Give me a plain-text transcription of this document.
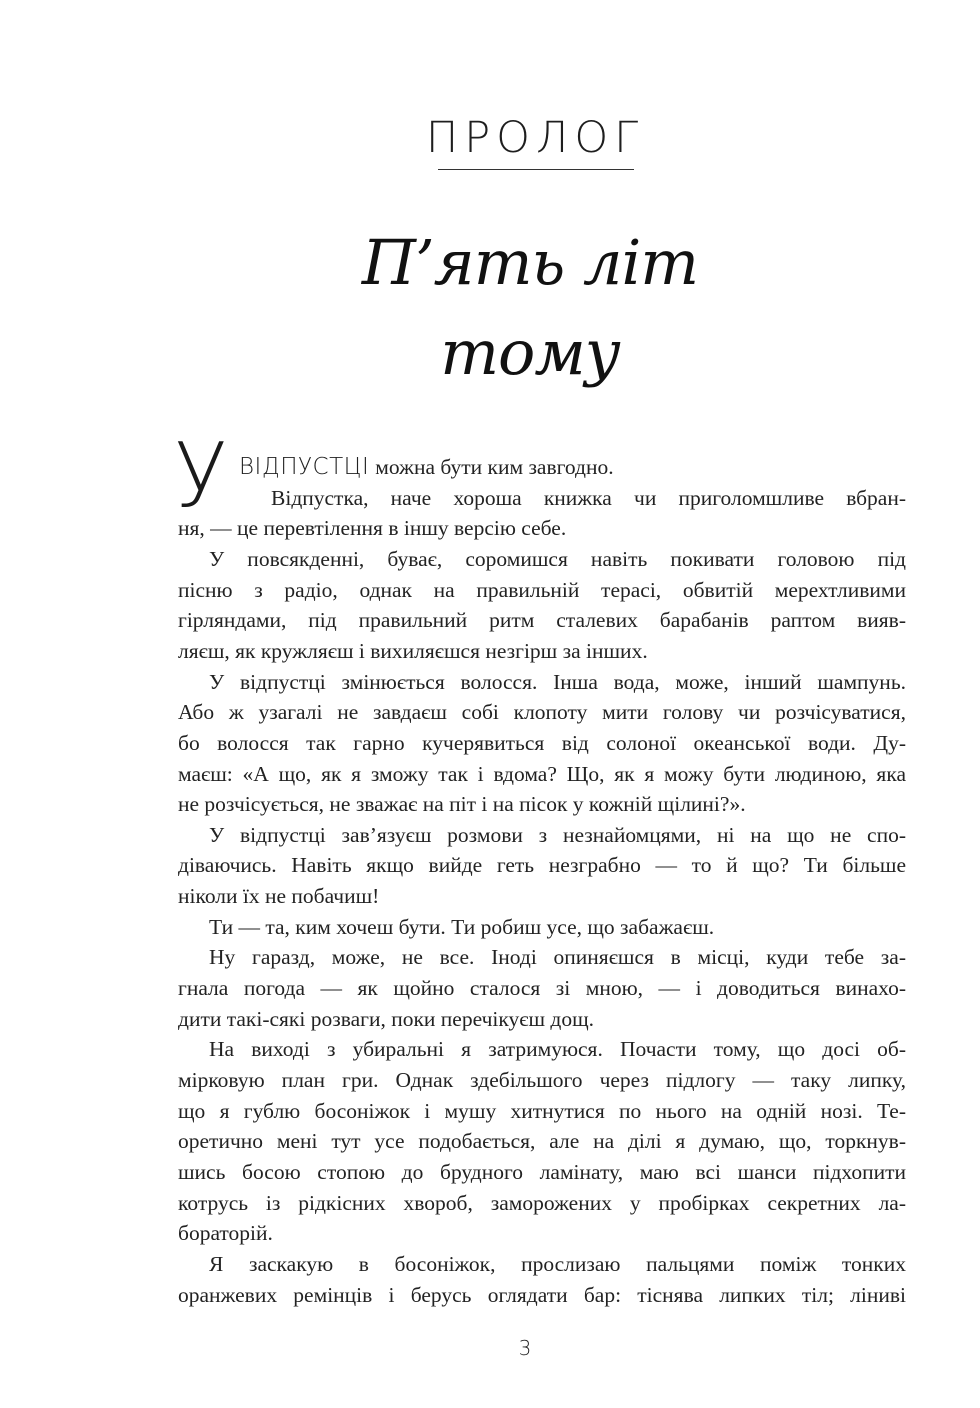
ПРОЛОГ
П’ять літ тому
У ВІДПУСТЦІ можна бути ким завгодно.
Відпустка, наче хороша книжка чи приголомшливе вбран-
ня, — це перевтілення в іншу версію себе.
У повсякденні, буває, соромишся навіть покивати головою під
пісню з радіо, однак на правильній терасі, обвитій мерехтливими
гірляндами, під правильний ритм сталевих барабанів раптом вияв-
ляєш, як кружляєш і вихиляєшся незгірш за інших.
У відпустці змінюється волосся. Інша вода, може, інший шампунь.
Або ж узагалі не завдаєш собі клопоту мити голову чи розчісуватися,
бо волосся так гарно кучерявиться від солоної океанської води. Ду-
маєш: «А що, як я зможу так і вдома? Що, як я можу бути людиною, яка
не розчісується, не зважає на піт і на пісок у кожній щілині?».
У відпустці зав’язуєш розмови з незнайомцями, ні на що не спо-
діваючись. Навіть якщо вийде геть незграбно — то й що? Ти більше
ніколи їх не побачиш!
Ти — та, ким хочеш бути. Ти робиш усе, що забажаєш.
Ну гаразд, може, не все. Іноді опиняєшся в місці, куди тебе за-
гнала погода — як щойно сталося зі мною, — і доводиться винахо-
дити такі-сякі розваги, поки перечікуєш дощ.
На виході з убиральні я затримуюся. Почасти тому, що досі об-
мірковую план гри. Однак здебільшого через підлогу — таку липку,
що я гублю босоніжок і мушу хитнутися по нього на одній нозі. Те-
оретично мені тут усе подобається, але на ділі я думаю, що, торкнув-
шись босою стопою до брудного ламінату, маю всі шанси підхопити
котрусь із рідкісних хвороб, заморожених у пробірках секретних ла-
бораторій.
Я заскакую в босоніжок, прослизаю пальцями поміж тонких
оранжевих ремінців і берусь оглядати бар: тіснява липких тіл; ліниві
3
